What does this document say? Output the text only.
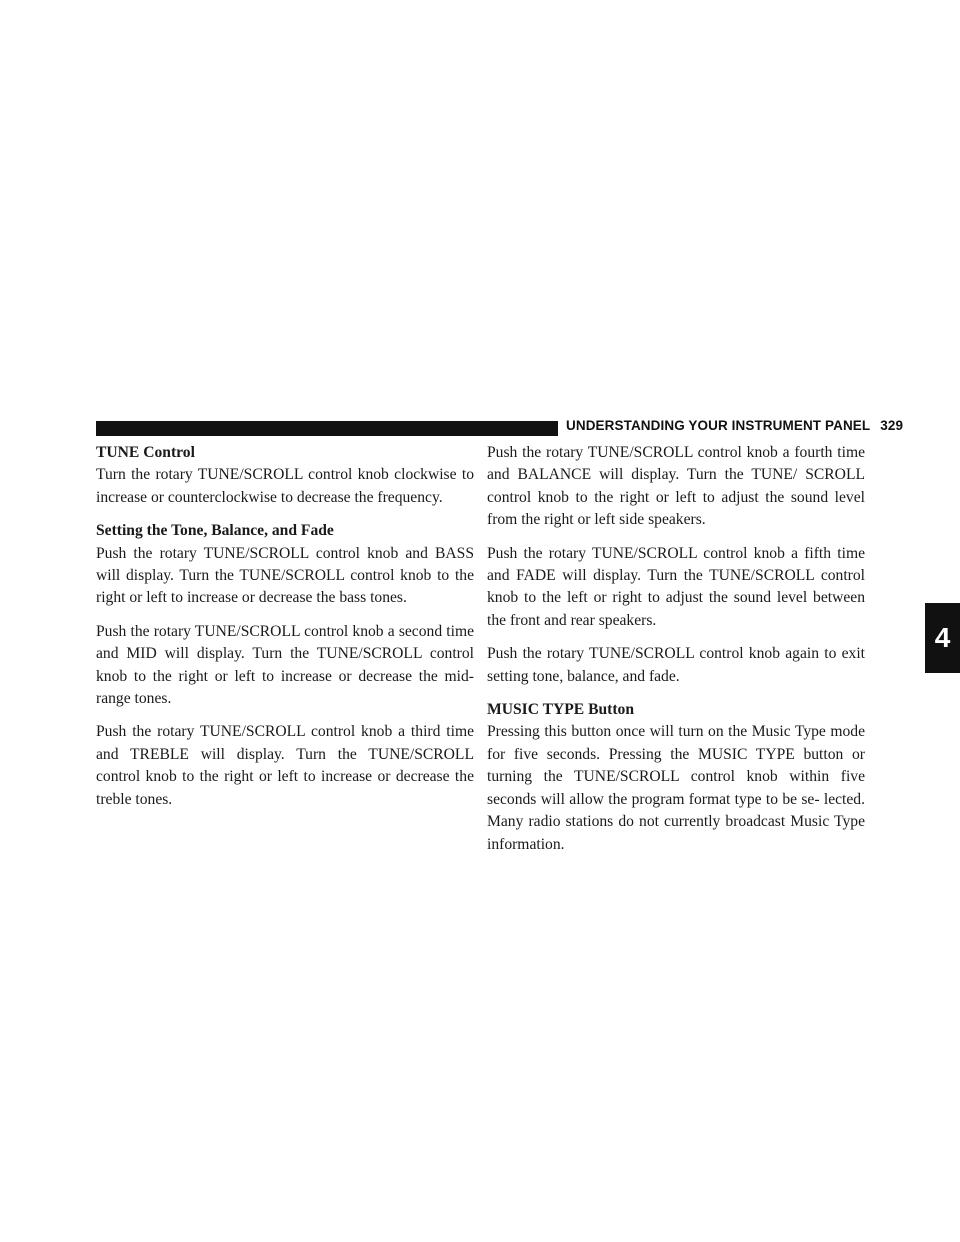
UNDERSTANDING YOUR INSTRUMENT PANEL 329
4
TUNE Control

Turn the rotary TUNE/SCROLL control knob clockwise to increase or counterclockwise to decrease the frequency.

Setting the Tone, Balance, and Fade

Push the rotary TUNE/SCROLL control knob and BASS will display. Turn the TUNE/SCROLL control knob to the right or left to increase or decrease the bass tones.

Push the rotary TUNE/SCROLL control knob a second time and MID will display. Turn the TUNE/SCROLL control knob to the right or left to increase or decrease the mid-range tones.

Push the rotary TUNE/SCROLL control knob a third time and TREBLE will display. Turn the TUNE/SCROLL control knob to the right or left to increase or decrease the treble tones.

Push the rotary TUNE/SCROLL control knob a fourth time and BALANCE will display. Turn the TUNE/ SCROLL control knob to the right or left to adjust the sound level from the right or left side speakers.

Push the rotary TUNE/SCROLL control knob a fifth time and FADE will display. Turn the TUNE/SCROLL control knob to the left or right to adjust the sound level between the front and rear speakers.

Push the rotary TUNE/SCROLL control knob again to exit setting tone, balance, and fade.

MUSIC TYPE Button

Pressing this button once will turn on the Music Type mode for five seconds. Pressing the MUSIC TYPE button or turning the TUNE/SCROLL control knob within five seconds will allow the program format type to be se- lected. Many radio stations do not currently broadcast Music Type information.
